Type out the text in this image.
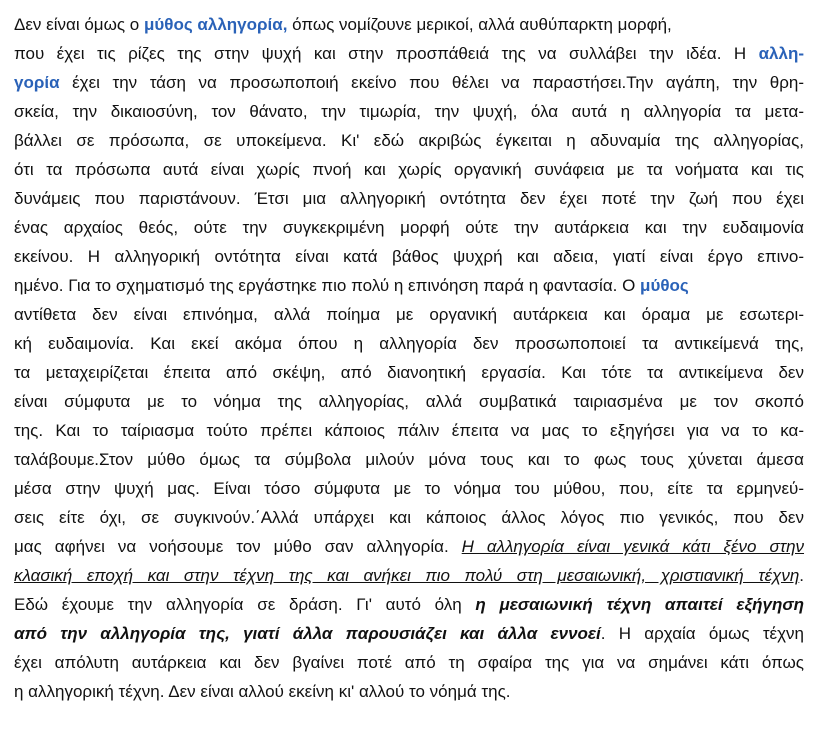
Δεν είναι όμως ο μύθος αλληγορία, όπως νομίζουνε μερικοί, αλλά αυθύπαρκτη μορφή,
που έχει τις ρίζες της στην ψυχή και στην προσπάθειά της να συλλάβει την ιδέα. Η αλλη-
γορία έχει την τάση να προσωποποιή εκείνο που θέλει να παραστήσει.Την αγάπη, την θρη-
σκεία, την δικαιοσύνη, τον θάνατο, την τιμωρία, την ψυχή, όλα αυτά η αλληγορία τα μετα-
βάλλει σε πρόσωπα, σε υποκείμενα. Κι' εδώ ακριβώς έγκειται η αδυναμία της αλληγορίας,
ότι τα πρόσωπα αυτά είναι χωρίς πνοή και χωρίς οργανική συνάφεια με τα νοήματα και τις
δυνάμεις που παριστάνουν. Έτσι μια αλληγορική οντότητα δεν έχει ποτέ την ζωή που έχει
ένας αρχαίος θεός, ούτε την συγκεκριμένη μορφή ούτε την αυτάρκεια και την ευδαιμονία
εκείνου. Η αλληγορική οντότητα είναι κατά βάθος ψυχρή και αδεια, γιατί είναι έργο επινο-
ημένο. Για το σχηματισμό της εργάστηκε πιο πολύ η επινόηση παρά η φαντασία. Ο μύθος
αντίθετα δεν είναι επινόημα, αλλά ποίημα με οργανική αυτάρκεια και όραμα με εσωτερι-
κή ευδαιμονία. Και εκεί ακόμα όπου η αλληγορία δεν προσωποποιεί τα αντικείμενά της,
τα μεταχειρίζεται έπειτα από σκέψη, από διανοητική εργασία. Και τότε τα αντικείμενα δεν
είναι σύμφυτα με το νόημα της αλληγορίας, αλλά συμβατικά ταιριασμένα με τον σκοπό
της. Και το ταίριασμα τούτο πρέπει κάποιος πάλιν έπειτα να μας το εξηγήσει για να το κα-
ταλάβουμε.Στον μύθο όμως τα σύμβολα μιλούν μόνα τους και το φως τους χύνεται άμεσα
μέσα στην ψυχή μας. Είναι τόσο σύμφυτα με το νόημα του μύθου, που, είτε τα ερμηνεύ-
σεις είτε όχι, σε συγκινούν.΄Αλλά υπάρχει και κάποιος άλλος λόγος πιο γενικός, που δεν
μας αφήνει να νοήσουμε τον μύθο σαν αλληγορία. Η αλληγορία είναι γενικά κάτι ξένο στην
κλασική εποχή και στην τέχνη της και ανήκει πιο πολύ στη μεσαιωνική, χριστιανική τέχνη.
Εδώ έχουμε την αλληγορία σε δράση. Γι' αυτό όλη η μεσαιωνική τέχνη απαιτεί εξήγηση
από την αλληγορία της, γιατί άλλα παρουσιάζει και άλλα εννοεί. Η αρχαία όμως τέχνη
έχει απόλυτη αυτάρκεια και δεν βγαίνει ποτέ από τη σφαίρα της για να σημάνει κάτι όπως
η αλληγορική τέχνη. Δεν είναι αλλού εκείνη κι' αλλού το νόημά της.
